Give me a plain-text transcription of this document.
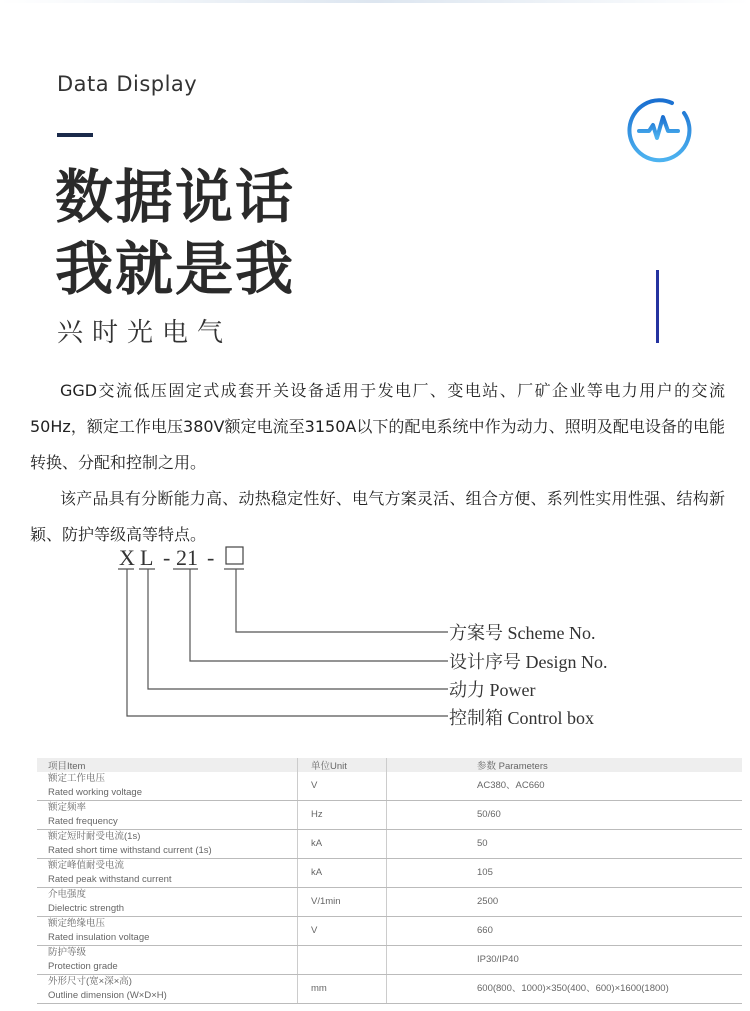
Data Display
数据说话
我就是我
兴时光电气
GGD交流低压固定式成套开关设备适用于发电厂、变电站、厂矿企业等电力用户的交流50Hz，额定工作电压380V额定电流至3150A以下的配电系统中作为动力、照明及配电设备的电能转换、分配和控制之用。
该产品具有分断能力高、动热稳定性好、电气方案灵活、组合方便、系列性实用性强、结构新颖、防护等级高等特点。
X L - 21 -
方案号 Scheme No.
设计序号 Design No.
动力 Power
控制箱 Control box
项目Item	单位Unit	参数 Parameters

额定工作电压
Rated working voltage	V	AC380、AC660

额定频率
Rated frequency	Hz	50/60

额定短时耐受电流(1s)
Rated short time withstand current (1s)	kA	50

额定峰值耐受电流
Rated peak withstand current	kA	105

介电强度
Dielectric strength	V/1min	2500

额定绝缘电压
Rated insulation voltage	V	660

防护等级
Protection grade		IP30/IP40

外形尺寸(宽×深×高)
Outline dimension (W×D×H)	mm	600(800、1000)×350(400、600)×1600(1800)
